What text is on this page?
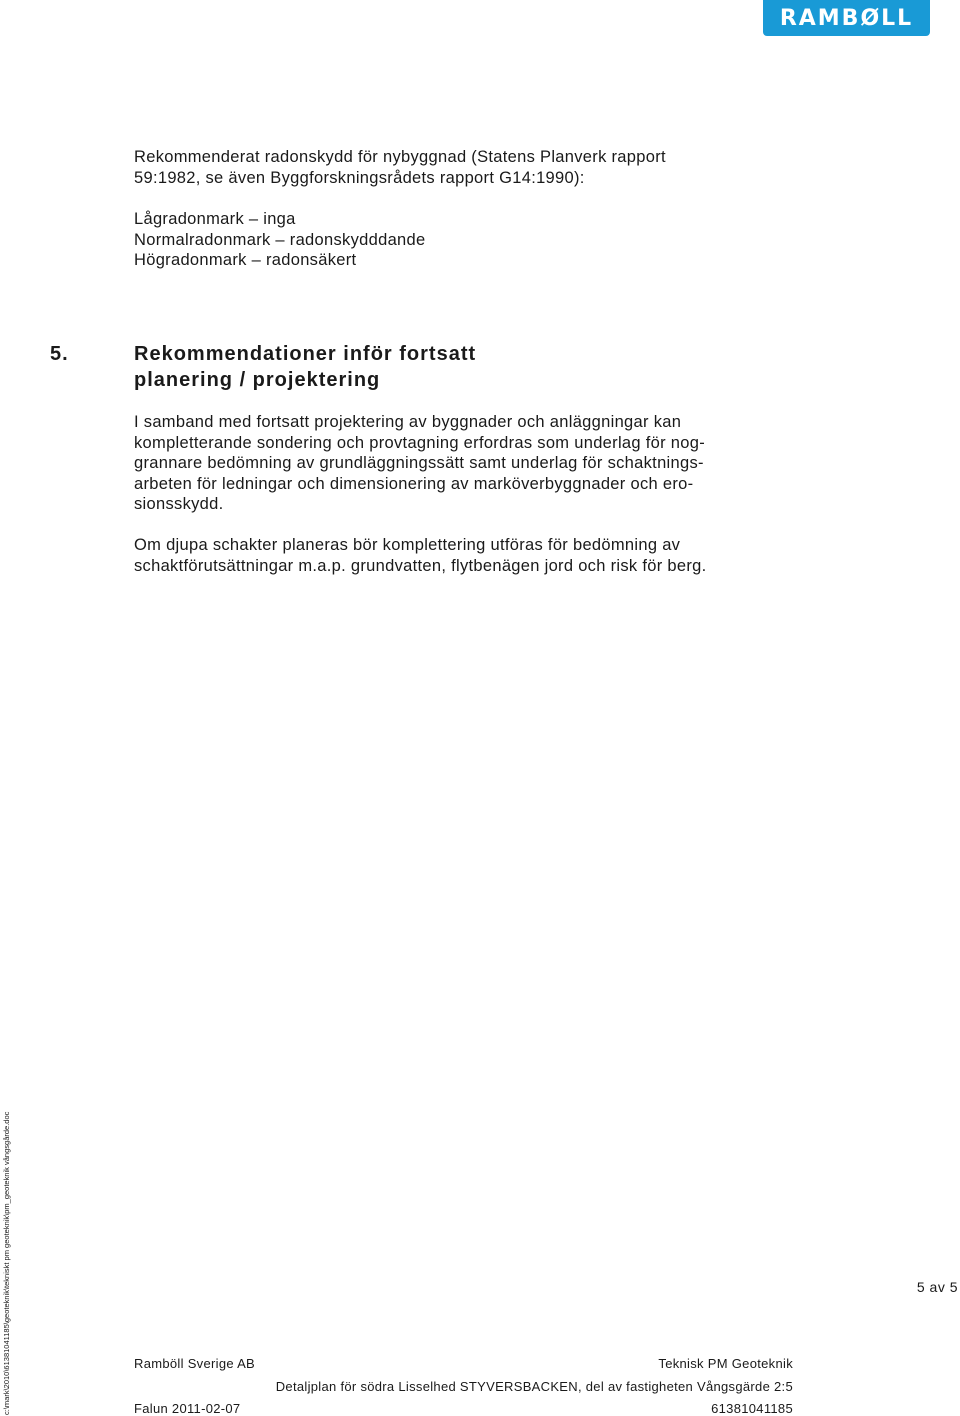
RAMBØLL
Rekommenderat radonskydd för nybyggnad (Statens Planverk rapport
59:1982, se även Byggforskningsrådets rapport G14:1990):
Lågradonmark – inga
Normalradonmark – radonskydddande
Högradonmark – radonsäkert
5.	Rekommendationer inför fortsatt
planering / projektering
I samband med fortsatt projektering av byggnader och anläggningar kan
kompletterande sondering och provtagning erfordras som underlag för nog-
grannare bedömning av grundläggningssätt samt underlag för schaktnings-
arbeten för ledningar och dimensionering av marköverbyggnader och ero-
sionsskydd.
Om djupa schakter planeras bör komplettering utföras för bedömning av
schaktförutsättningar m.a.p. grundvatten, flytbenägen jord och risk för berg.
c:\mark\2010\61381041185\geoteknik\tekniskt pm geoteknik\pm_geoteknik vångsgårde.doc	5 av 5
Ramböll Sverige AB	Teknisk PM Geoteknik
Detaljplan för södra Lisselhed STYVERSBACKEN, del av fastigheten Vångsgärde 2:5
Falun 2011-02-07	61381041185
